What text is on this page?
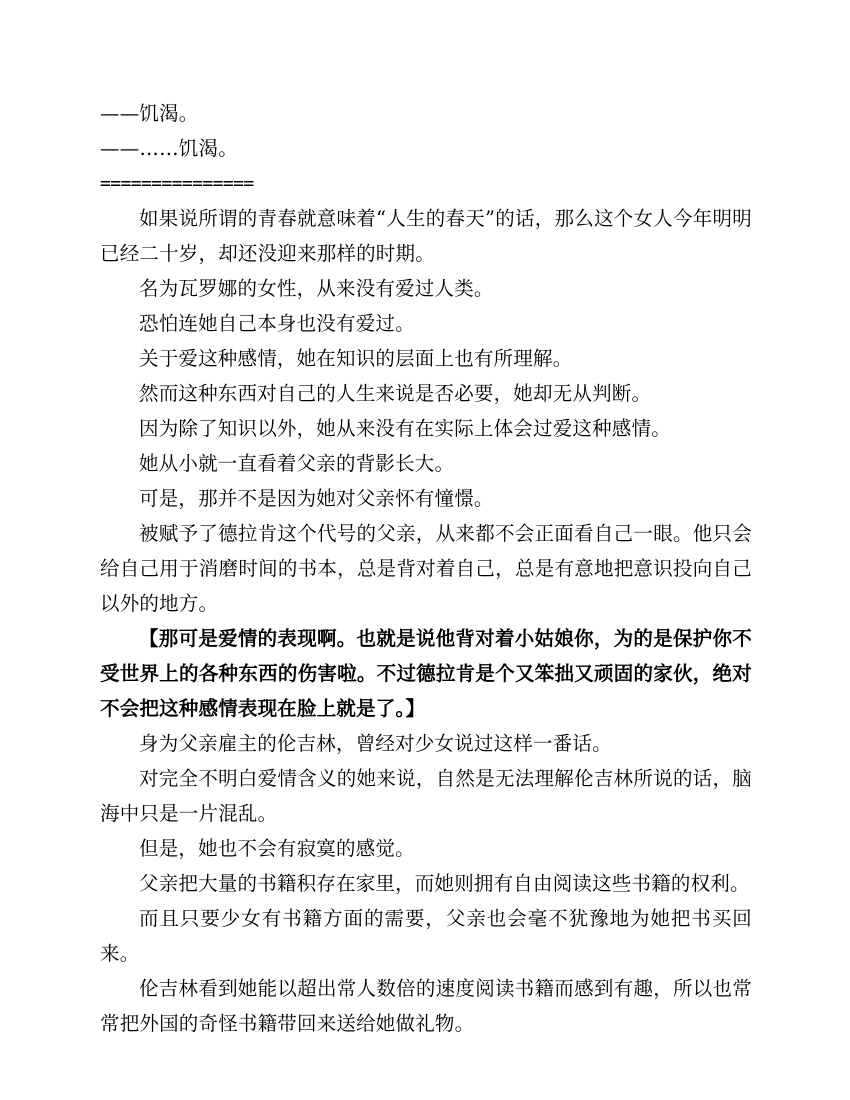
——饥渴。

——……饥渴。

===============

如果说所谓的青春就意味着“人生的春天”的话，那么这个女人今年明明已经二十岁，却还没迎来那样的时期。

名为瓦罗娜的女性，从来没有爱过人类。

恐怕连她自己本身也没有爱过。

关于爱这种感情，她在知识的层面上也有所理解。

然而这种东西对自己的人生来说是否必要，她却无从判断。

因为除了知识以外，她从来没有在实际上体会过爱这种感情。

她从小就一直看着父亲的背影长大。

可是，那并不是因为她对父亲怀有憧憬。

被赋予了德拉肯这个代号的父亲，从来都不会正面看自己一眼。他只会给自己用于消磨时间的书本，总是背对着自己，总是有意地把意识投向自己以外的地方。

【那可是爱情的表现啊。也就是说他背对着小姑娘你，为的是保护你不受世界上的各种东西的伤害啦。不过德拉肯是个又笨拙又顽固的家伙，绝对不会把这种感情表现在脸上就是了。】

身为父亲雇主的伦吉林，曾经对少女说过这样一番话。

对完全不明白爱情含义的她来说，自然是无法理解伦吉林所说的话，脑海中只是一片混乱。

但是，她也不会有寂寞的感觉。

父亲把大量的书籍积存在家里，而她则拥有自由阅读这些书籍的权利。

而且只要少女有书籍方面的需要，父亲也会毫不犹豫地为她把书买回来。

伦吉林看到她能以超出常人数倍的速度阅读书籍而感到有趣，所以也常常把外国的奇怪书籍带回来送给她做礼物。
